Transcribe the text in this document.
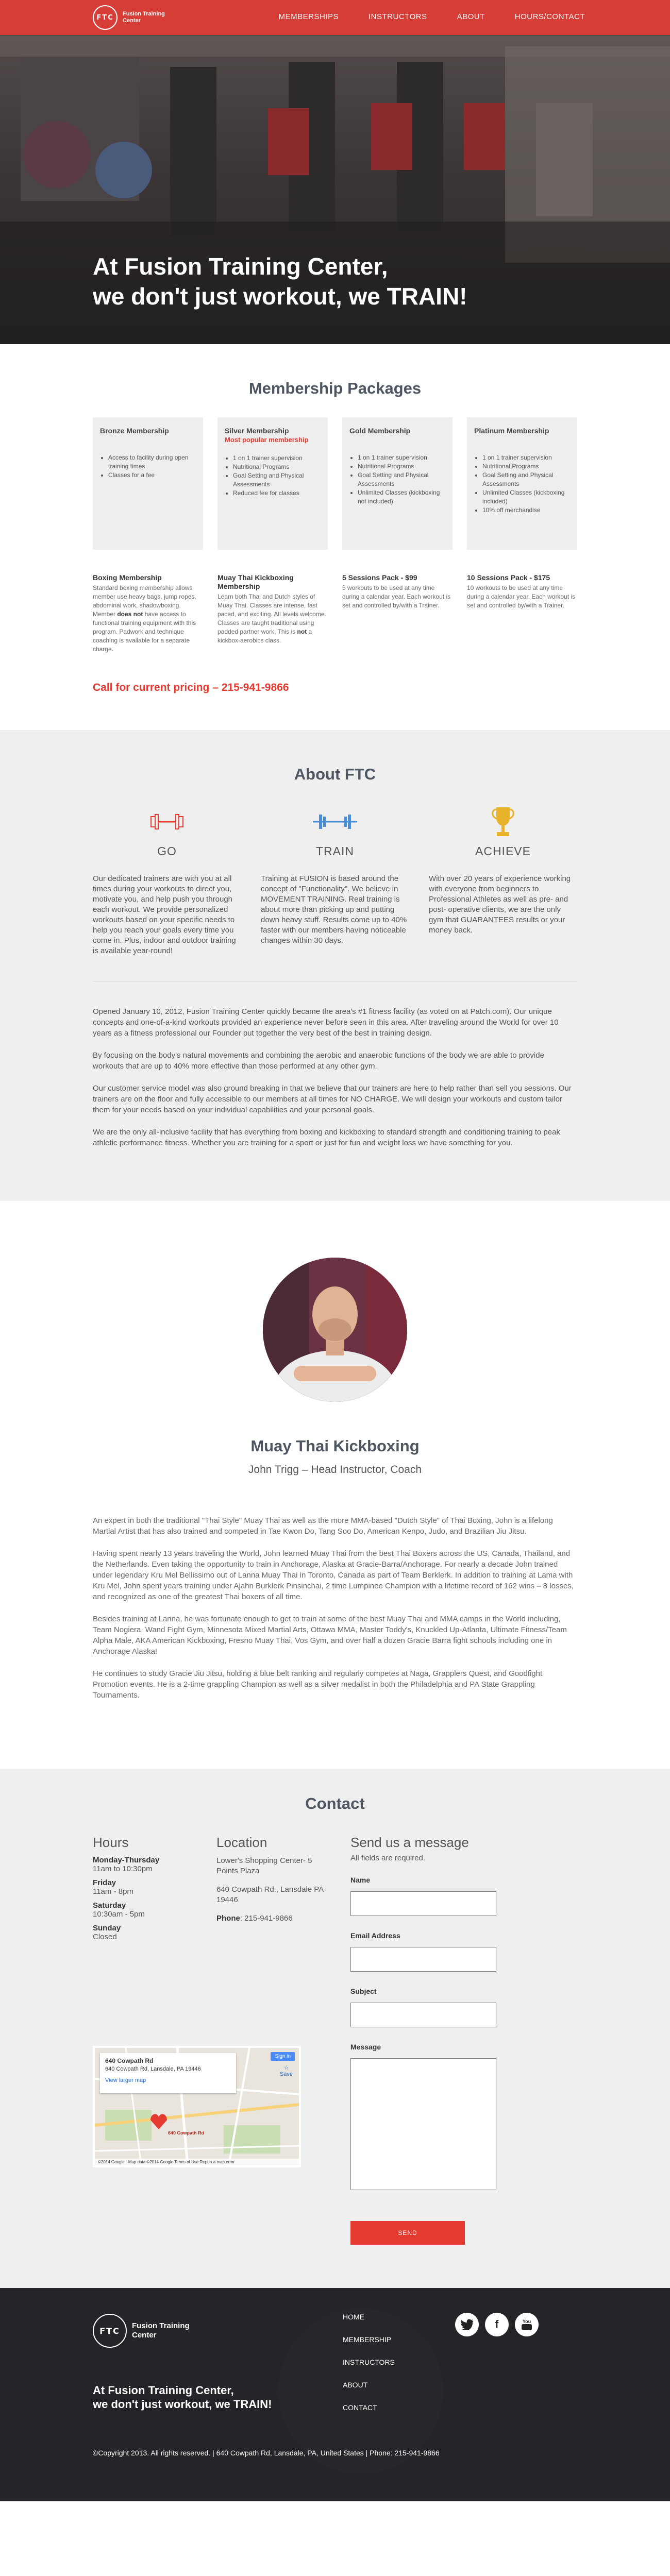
FTC	Fusion Training Center	MEMBERSHIPS	INSTRUCTORS	ABOUT	HOURS/CONTACT
At Fusion Training Center,
we don't just workout, we TRAIN!
Membership Packages
Bronze Membership
• Access to facility during open training times
• Classes for a fee
Silver Membership
Most popular membership
• 1 on 1 trainer supervision
• Nutritional Programs
• Goal Setting and Physical Assessments
• Reduced fee for classes
Gold Membership
• 1 on 1 trainer supervision
• Nutritional Programs
• Goal Setting and Physical Assessments
• Unlimited Classes (kickboxing not included)
Platinum Membership
• 1 on 1 trainer supervision
• Nutritional Programs
• Goal Setting and Physical Assessments
• Unlimited Classes (kickboxing included)
• 10% off merchandise
Boxing Membership

Standard boxing membership allows member use heavy bags, jump ropes, abdominal work, shadowboxing. Member does not have access to functional training equipment with this program. Padwork and technique coaching is available for a separate charge.

Muay Thai Kickboxing Membership

Learn both Thai and Dutch styles of Muay Thai. Classes are intense, fast paced, and exciting. All levels welcome. Classes are taught traditional using padded partner work. This is not a kickbox-aerobics class.

5 Sessions Pack - $99

5 workouts to be used at any time during a calendar year. Each workout is set and controlled by/with a Trainer.

10 Sessions Pack - $175

10 workouts to be used at any time during a calendar year. Each workout is set and controlled by/with a Trainer.

Call for current pricing – 215-941-9866
About FTC
GO

Our dedicated trainers are with you at all times during your workouts to direct you, motivate you, and help push you through each workout. We provide personalized workouts based on your specific needs to help you reach your goals every time you come in. Plus, indoor and outdoor training is available year-round!

TRAIN

Training at FUSION is based around the concept of "Functionality". We believe in MOVEMENT TRAINING. Real training is about more than picking up and putting down heavy stuff. Results come up to 40% faster with our members having noticeable changes within 30 days.

ACHIEVE

With over 20 years of experience working with everyone from beginners to Professional Athletes as well as pre- and post- operative clients, we are the only gym that GUARANTEES results or your money back.

Opened January 10, 2012, Fusion Training Center quickly became the area's #1 fitness facility (as voted on at Patch.com). Our unique concepts and one-of-a-kind workouts provided an experience never before seen in this area. After traveling around the World for over 10 years as a fitness professional our Founder put together the very best of the best in training design.

By focusing on the body's natural movements and combining the aerobic and anaerobic functions of the body we are able to provide workouts that are up to 40% more effective than those performed at any other gym.

Our customer service model was also ground breaking in that we believe that our trainers are here to help rather than sell you sessions. Our trainers are on the floor and fully accessible to our members at all times for NO CHARGE. We will design your workouts and custom tailor them for your needs based on your individual capabilities and your personal goals.

We are the only all-inclusive facility that has everything from boxing and kickboxing to standard strength and conditioning training to peak athletic performance fitness. Whether you are training for a sport or just for fun and weight loss we have something for you.

Muay Thai Kickboxing
John Trigg – Head Instructor, Coach

An expert in both the traditional "Thai Style" Muay Thai as well as the more MMA-based "Dutch Style" of Thai Boxing, John is a lifelong Martial Artist that has also trained and competed in Tae Kwon Do, Tang Soo Do, American Kenpo, Judo, and Brazilian Jiu Jitsu.

Having spent nearly 13 years traveling the World, John learned Muay Thai from the best Thai Boxers across the US, Canada, Thailand, and the Netherlands. Even taking the opportunity to train in Anchorage, Alaska at Gracie-Barra/Anchorage. For nearly a decade John trained under legendary Kru Mel Bellissimo out of Lanna Muay Thai in Toronto, Canada as part of Team Berklerk. In addition to training at Lama with Kru Mel, John spent years training under Ajahn Burklerk Pinsinchai, 2 time Lumpinee Champion with a lifetime record of 162 wins – 8 losses, and recognized as one of the greatest Thai boxers of all time.

Besides training at Lanna, he was fortunate enough to get to train at some of the best Muay Thai and MMA camps in the World including, Team Nogiera, Wand Fight Gym, Minnesota Mixed Martial Arts, Ottawa MMA, Master Toddy's, Knuckled Up-Atlanta, Ultimate Fitness/Team Alpha Male, AKA American Kickboxing, Fresno Muay Thai, Vos Gym, and over half a dozen Gracie Barra fight schools including one in Anchorage Alaska!

He continues to study Gracie Jiu Jitsu, holding a blue belt ranking and regularly competes at Naga, Grapplers Quest, and Goodfight Promotion events. He is a 2-time grappling Champion as well as a silver medalist in both the Philadelphia and PA State Grappling Tournaments.

Contact
Hours
Monday-Thursday
11am to 10:30pm
Friday
11am - 8pm
Saturday
10:30am - 5pm
Sunday
Closed
Location

Lower's Shopping Center- 5 Points Plaza

640 Cowpath Rd., Lansdale PA 19446

Phone: 215-941-9866

640 Cowpath Rd
640 Cowpath Rd, Lansdale, PA 19446
View larger map
Sign in
☆
Save
640 Cowpath Rd
©2014 Google · Map data ©2014 Google Terms of Use Report a map error
Send us a message
All fields are required.
Name
Email Address
Subject
Message
SEND
FTC	Fusion Training Center
At Fusion Training Center,
we don't just workout, we TRAIN!
HOME
MEMBERSHIP
INSTRUCTORS
ABOUT
CONTACT
f	You
©Copyright 2013. All rights reserved. | 640 Cowpath Rd, Lansdale, PA, United States | Phone: 215-941-9866
